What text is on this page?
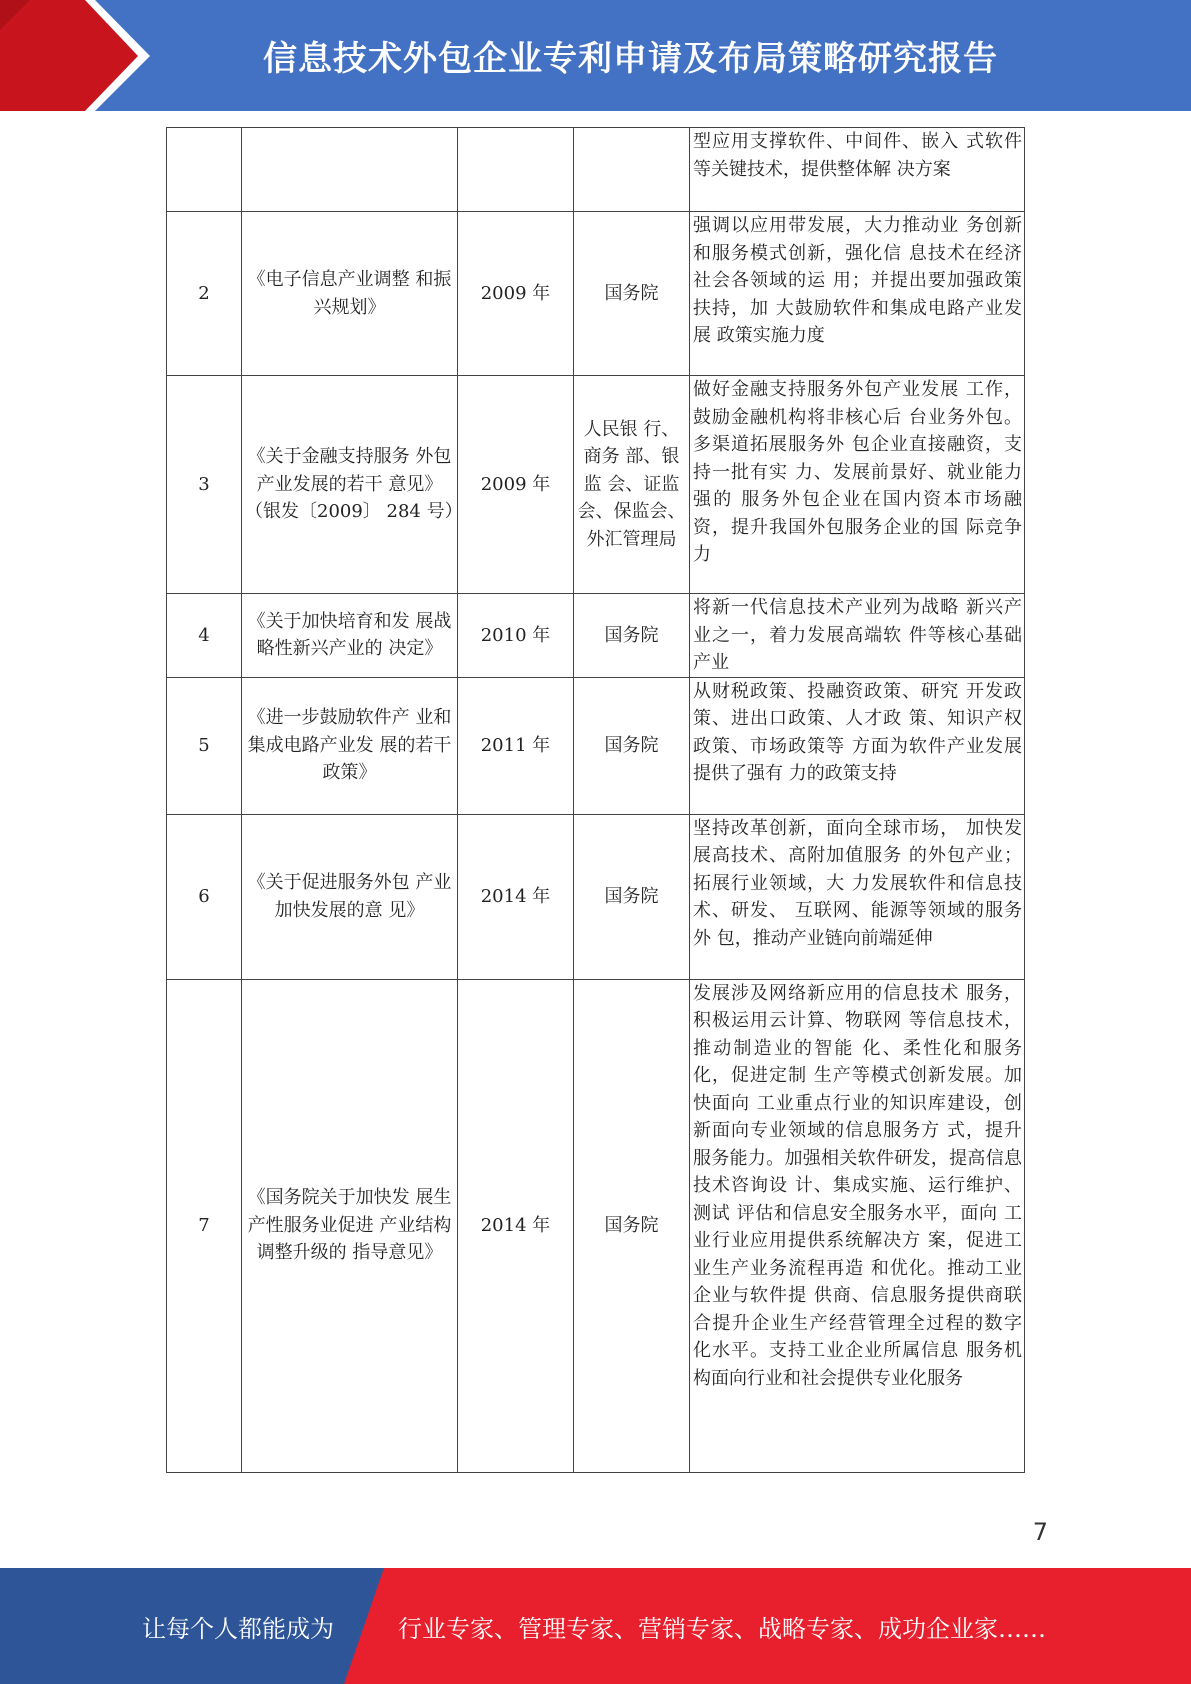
信息技术外包企业专利申请及布局策略研究报告
				型应用支撑软件、中间件、嵌入 式软件等关键技术，提供整体解 决方案
2	《电子信息产业调整 和振兴规划》	2009 年	国务院	强调以应用带发展，大力推动业 务创新和服务模式创新，强化信 息技术在经济社会各领域的运 用；并提出要加强政策扶持，加 大鼓励软件和集成电路产业发展 政策实施力度
3	《关于金融支持服务 外包产业发展的若干 意见》（银发〔2009〕 284 号）	2009 年	人民银 行、商务 部、银监 会、证监会、保监会、外汇管理局	做好金融支持服务外包产业发展 工作，鼓励金融机构将非核心后 台业务外包。多渠道拓展服务外 包企业直接融资，支持一批有实 力、发展前景好、就业能力强的 服务外包企业在国内资本市场融 资，提升我国外包服务企业的国 际竞争力
4	《关于加快培育和发 展战略性新兴产业的 决定》	2010 年	国务院	将新一代信息技术产业列为战略 新兴产业之一，着力发展高端软 件等核心基础产业
5	《进一步鼓励软件产 业和集成电路产业发 展的若干政策》	2011 年	国务院	从财税政策、投融资政策、研究 开发政策、进出口政策、人才政 策、知识产权政策、市场政策等 方面为软件产业发展提供了强有 力的政策支持
6	《关于促进服务外包 产业加快发展的意 见》	2014 年	国务院	坚持改革创新，面向全球市场， 加快发展高技术、高附加值服务 的外包产业；拓展行业领域，大 力发展软件和信息技术、研发、 互联网、能源等领域的服务外 包，推动产业链向前端延伸
7	《国务院关于加快发 展生产性服务业促进 产业结构调整升级的 指导意见》	2014 年	国务院	发展涉及网络新应用的信息技术 服务，积极运用云计算、物联网 等信息技术，推动制造业的智能 化、柔性化和服务化，促进定制 生产等模式创新发展。加快面向 工业重点行业的知识库建设，创 新面向专业领域的信息服务方 式，提升服务能力。加强相关软件研发，提高信息技术咨询设 计、集成实施、运行维护、测试 评估和信息安全服务水平，面向 工业行业应用提供系统解决方 案，促进工业生产业务流程再造 和优化。推动工业企业与软件提 供商、信息服务提供商联合提升企业生产经营管理全过程的数字 化水平。支持工业企业所属信息 服务机构面向行业和社会提供专业化服务
7
让每个人都能成为	行业专家、管理专家、营销专家、战略专家、成功企业家……
